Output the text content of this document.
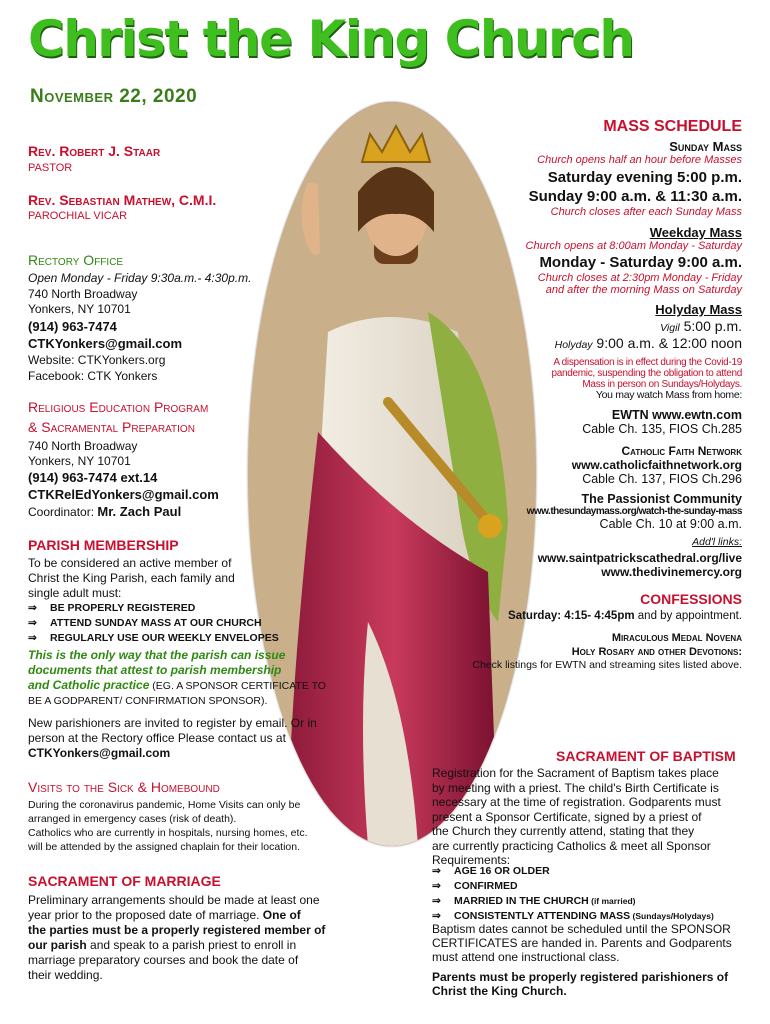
Christ the King Church
November 22, 2020
Rev. Robert J. Staar
PASTOR
Rev. Sebastian Mathew, C.M.I.
PAROCHIAL VICAR
Rectory Office
Open Monday - Friday 9:30a.m.- 4:30p.m.
740 North Broadway
Yonkers, NY 10701
(914) 963-7474
CTKYonkers@gmail.com
Website: CTKYonkers.org
Facebook: CTK Yonkers
Religious Education Program
& Sacramental Preparation
740 North Broadway
Yonkers, NY 10701
(914) 963-7474 ext.14
CTKRelEdYonkers@gmail.com
Coordinator: Mr. Zach Paul
PARISH MEMBERSHIP
To be considered an active member of
Christ the King Parish, each family and
single adult must:
⇒ BE PROPERLY REGISTERED
⇒ ATTEND SUNDAY MASS AT OUR CHURCH
⇒ REGULARLY USE OUR WEEKLY ENVELOPES
This is the only way that the parish can issue
documents that attest to parish membership
and Catholic practice (EG. A SPONSOR CERTIFICATE TO
BE A GODPARENT/ CONFIRMATION SPONSOR).
New parishioners are invited to register by email. Or in
person at the Rectory office Please contact us at
CTKYonkers@gmail.com
Visits to the Sick & Homebound
During the coronavirus pandemic, Home Visits can only be
arranged in emergency cases (risk of death).
Catholics who are currently in hospitals, nursing homes, etc.
will be attended by the assigned chaplain for their location.
SACRAMENT OF MARRIAGE
Preliminary arrangements should be made at least one
year prior to the proposed date of marriage. One of
the parties must be a properly registered member of
our parish and speak to a parish priest to enroll in
marriage preparatory courses and book the date of
their wedding.
MASS SCHEDULE
Sunday Mass
Church opens half an hour before Masses
Saturday evening 5:00 p.m.
Sunday 9:00 a.m. & 11:30 a.m.
Church closes after each Sunday Mass
Weekday Mass
Church opens at 8:00am Monday - Saturday
Monday - Saturday 9:00 a.m.
Church closes at 2:30pm Monday - Friday
and after the morning Mass on Saturday
Holyday Mass
Vigil 5:00 p.m.
Holyday 9:00 a.m. & 12:00 noon
A dispensation is in effect during the Covid-19
pandemic, suspending the obligation to attend
Mass in person on Sundays/Holydays.
You may watch Mass from home:
EWTN www.ewtn.com
Cable Ch. 135, FIOS Ch.285
Catholic Faith Network
www.catholicfaithnetwork.org
Cable Ch. 137, FIOS Ch.296
The Passionist Community
www.thesundaymass.org/watch-the-sunday-mass
Cable Ch. 10 at 9:00 a.m.
Add'l links:
www.saintpatrickscathedral.org/live
www.thedivinemercy.org
CONFESSIONS
Saturday: 4:15- 4:45pm and by appointment.
Miraculous Medal Novena
Holy Rosary and other Devotions:
Check listings for EWTN and streaming sites listed above.
SACRAMENT OF BAPTISM
Registration for the Sacrament of Baptism takes place
by meeting with a priest. The child's Birth Certificate is
necessary at the time of registration. Godparents must
present a Sponsor Certificate, signed by a priest of
the Church they currently attend, stating that they
are currently practicing Catholics & meet all Sponsor
Requirements:
⇒ AGE 16 OR OLDER
⇒ CONFIRMED
⇒ MARRIED IN THE CHURCH (if married)
⇒ CONSISTENTLY ATTENDING MASS (Sundays/Holydays)
Baptism dates cannot be scheduled until the SPONSOR
CERTIFICATES are handed in. Parents and Godparents
must attend one instructional class.
Parents must be properly registered parishioners of
Christ the King Church.
